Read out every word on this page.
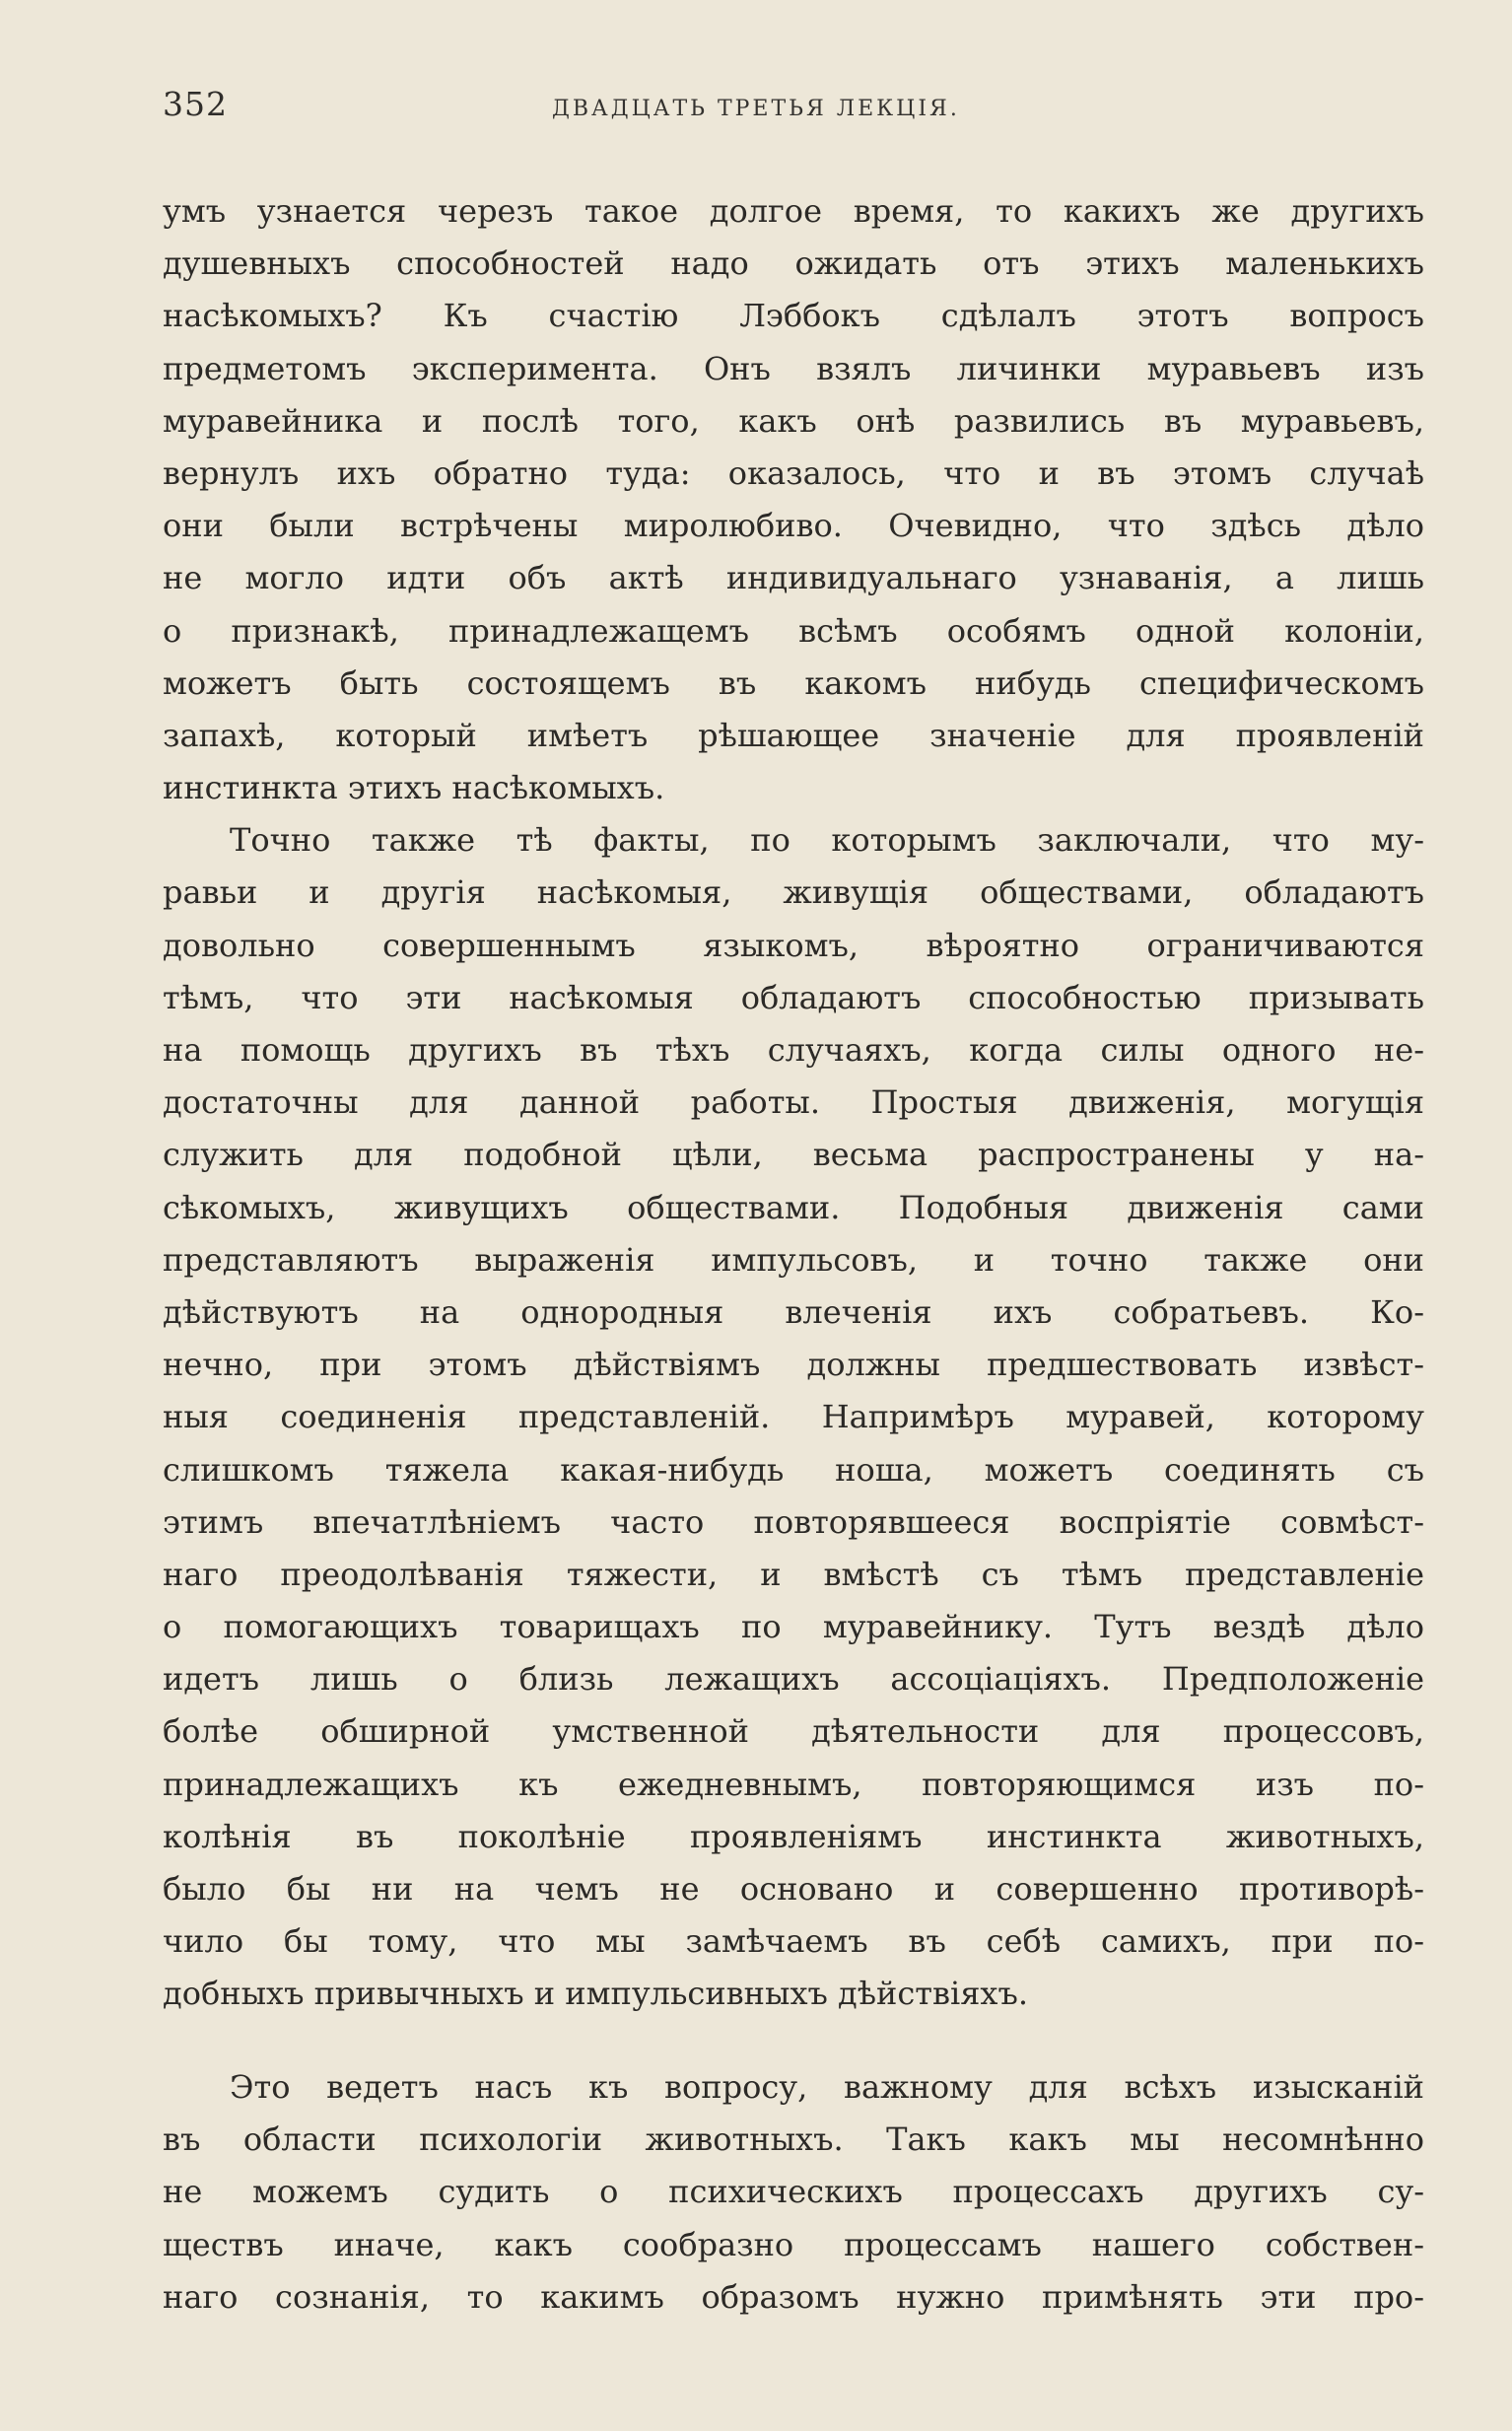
352	ДВАДЦАТЬ ТРЕТЬЯ ЛЕКЦIЯ.
умъ узнается черезъ такое долгое время, то какихъ же другихъ
душевныхъ способностей надо ожидать отъ этихъ маленькихъ
насѣкомыхъ? Къ счастію Лэббокъ сдѣлалъ этотъ вопросъ
предметомъ эксперимента. Онъ взялъ личинки муравьевъ изъ
муравейника и послѣ того, какъ онѣ развились въ муравьевъ,
вернулъ ихъ обратно туда: оказалось, что и въ этомъ случаѣ
они были встрѣчены миролюбиво. Очевидно, что здѣсь дѣло
не могло идти объ актѣ индивидуальнаго узнаванія, а лишь
о признакѣ, принадлежащемъ всѣмъ особямъ одной колоніи,
можетъ быть состоящемъ въ какомъ нибудь специфическомъ
запахѣ, который имѣетъ рѣшающее значеніе для проявленій
инстинкта этихъ насѣкомыхъ.
Точно также тѣ факты, по которымъ заключали, что му-
равьи и другія насѣкомыя, живущія обществами, обладаютъ
довольно совершеннымъ языкомъ, вѣроятно ограничиваются
тѣмъ, что эти насѣкомыя обладаютъ способностью призывать
на помощь другихъ въ тѣхъ случаяхъ, когда силы одного не-
достаточны для данной работы. Простыя движенія, могущія
служить для подобной цѣли, весьма распространены у на-
сѣкомыхъ, живущихъ обществами. Подобныя движенія сами
представляютъ выраженія импульсовъ, и точно также они
дѣйствуютъ на однородныя влеченія ихъ собратьевъ. Ко-
нечно, при этомъ дѣйствіямъ должны предшествовать извѣст-
ныя соединенія представленій. Напримѣръ муравей, которому
слишкомъ тяжела какая-нибудь ноша, можетъ соединять съ
этимъ впечатлѣніемъ часто повторявшееся воспріятіе совмѣст-
наго преодолѣванія тяжести, и вмѣстѣ съ тѣмъ представленіе
о помогающихъ товарищахъ по муравейнику. Тутъ вездѣ дѣло
идетъ лишь о близь лежащихъ ассоціаціяхъ. Предположеніе
болѣе обширной умственной дѣятельности для процессовъ,
принадлежащихъ къ ежедневнымъ, повторяющимся изъ по-
колѣнія въ поколѣніе проявленіямъ инстинкта животныхъ,
было бы ни на чемъ не основано и совершенно противорѣ-
чило бы тому, что мы замѣчаемъ въ себѣ самихъ, при по-
добныхъ привычныхъ и импульсивныхъ дѣйствіяхъ.
Это ведетъ насъ къ вопросу, важному для всѣхъ изысканій
въ области психологіи животныхъ. Такъ какъ мы несомнѣнно
не можемъ судить о психическихъ процессахъ другихъ су-
ществъ иначе, какъ сообразно процессамъ нашего собствен-
наго сознанія, то какимъ образомъ нужно примѣнять эти про-
